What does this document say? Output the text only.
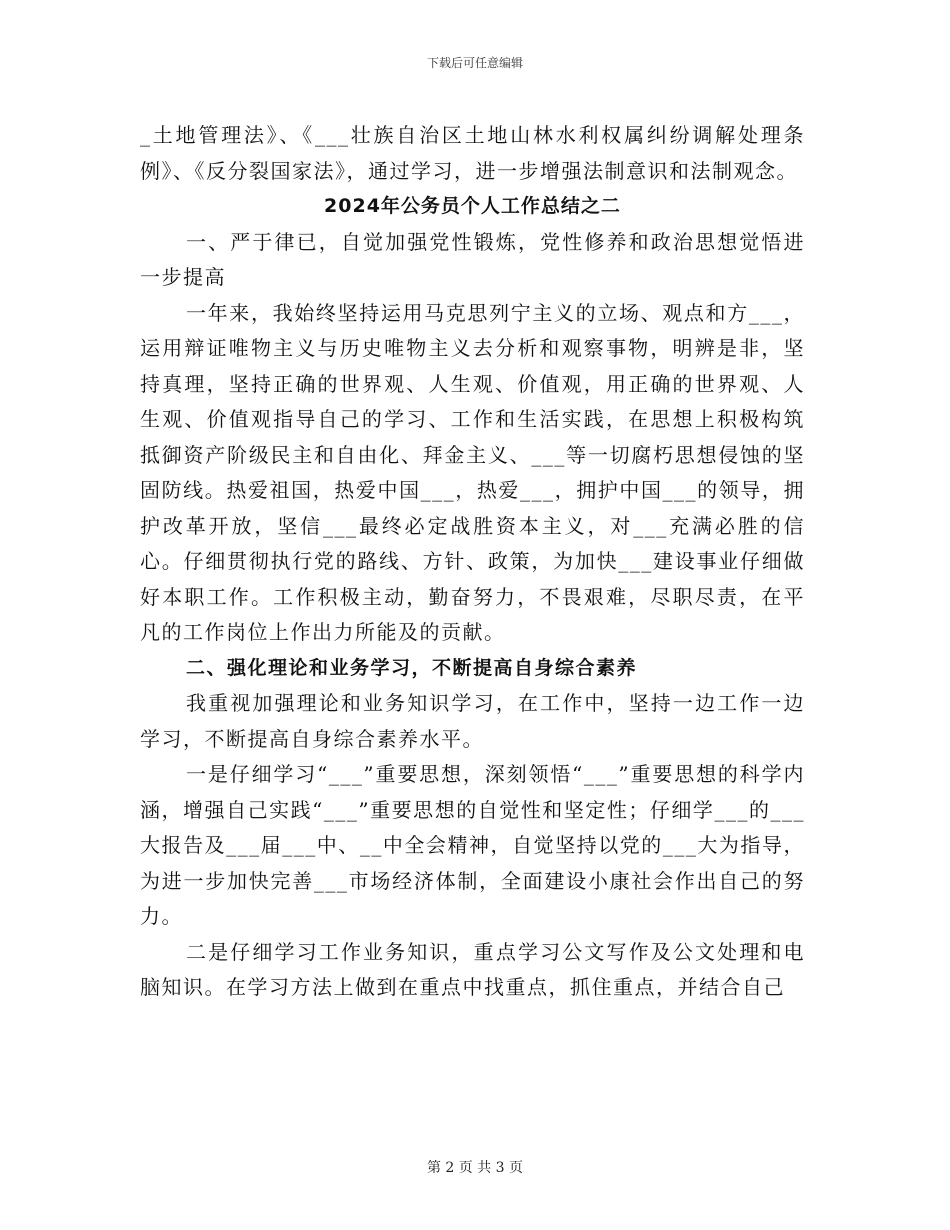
下载后可任意编辑

_土地管理法》、《___壮族自治区土地山林水利权属纠纷调解处理条例》、《反分裂国家法》，通过学习，进一步增强法制意识和法制观念。

2024年公务员个人工作总结之二

一、严于律已，自觉加强党性锻炼，党性修养和政治思想觉悟进一步提高

一年来，我始终坚持运用马克思列宁主义的立场、观点和方___，运用辩证唯物主义与历史唯物主义去分析和观察事物，明辨是非，坚持真理，坚持正确的世界观、人生观、价值观，用正确的世界观、人生观、价值观指导自己的学习、工作和生活实践，在思想上积极构筑抵御资产阶级民主和自由化、拜金主义、___等一切腐朽思想侵蚀的坚固防线。热爱祖国，热爱中国___，热爱___，拥护中国___的领导，拥护改革开放，坚信___最终必定战胜资本主义，对___充满必胜的信心。仔细贯彻执行党的路线、方针、政策，为加快___建设事业仔细做好本职工作。工作积极主动，勤奋努力，不畏艰难，尽职尽责，在平凡的工作岗位上作出力所能及的贡献。

二、强化理论和业务学习，不断提高自身综合素养

我重视加强理论和业务知识学习，在工作中，坚持一边工作一边学习，不断提高自身综合素养水平。

一是仔细学习“___”重要思想，深刻领悟“___”重要思想的科学内涵，增强自己实践“___”重要思想的自觉性和坚定性；仔细学___的___大报告及___届___中、__中全会精神，自觉坚持以党的___大为指导，为进一步加快完善___市场经济体制，全面建设小康社会作出自己的努力。

二是仔细学习工作业务知识，重点学习公文写作及公文处理和电脑知识。在学习方法上做到在重点中找重点，抓住重点，并结合自己

第 2 页 共 3 页
